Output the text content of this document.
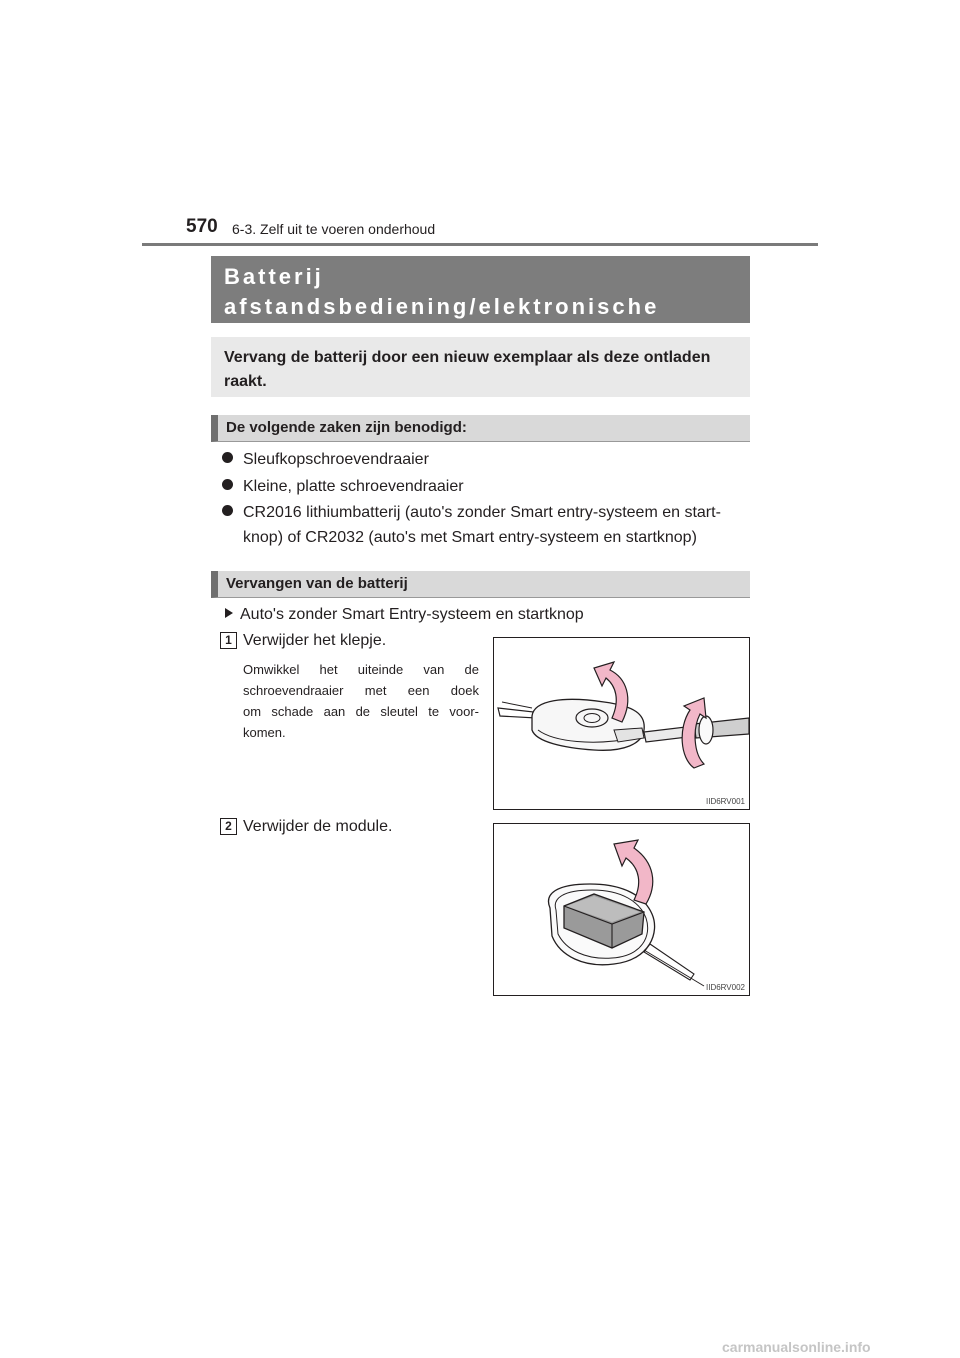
570 6-3. Zelf uit te voeren onderhoud
Batterij afstandsbediening/elektronische
Vervang de batterij door een nieuw exemplaar als deze ontladen
raakt.
De volgende zaken zijn benodigd:
Sleufkopschroevendraaier
Kleine, platte schroevendraaier
CR2016 lithiumbatterij (auto's zonder Smart entry-systeem en start-
knop) of CR2032 (auto's met Smart entry-systeem en startknop)
Vervangen van de batterij
Auto's zonder Smart Entry-systeem en startknop
1 Verwijder het klepje.
Omwikkel het uiteinde van de
schroevendraaier met een doek
om schade aan de sleutel te voor-
komen.
IID6RV001
2 Verwijder de module.
IID6RV002
carmanualsonline.info
